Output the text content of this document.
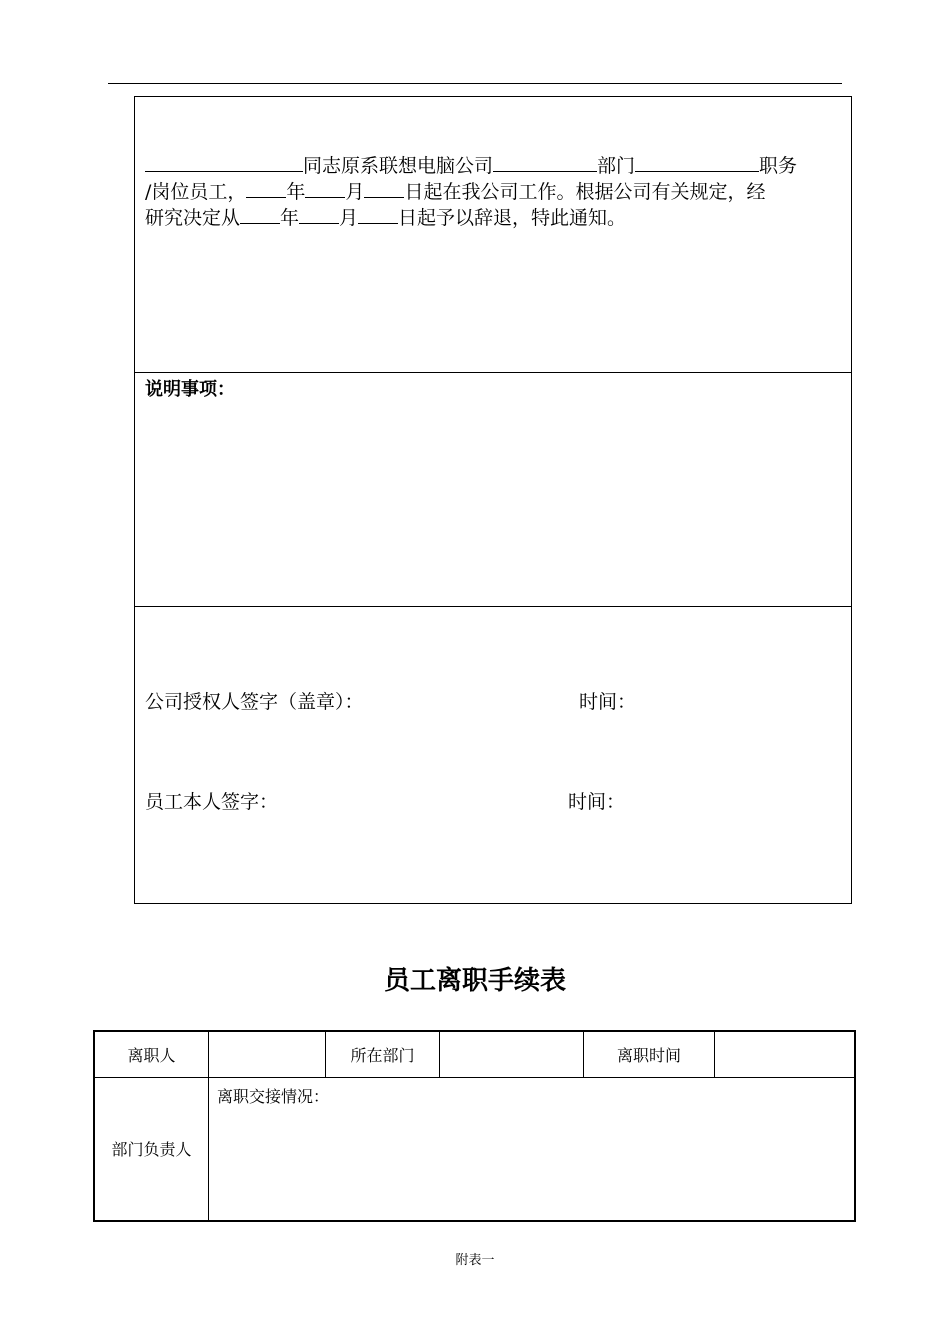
同志原系联想电脑公司	部门	职务
/岗位员工， 年 月 日起在我公司工作。根据公司有关规定，经
研究决定从 年 月 日起予以辞退，特此通知。
说明事项：
公司授权人签字（盖章）：	时间：
员工本人签字：	时间：
员工离职手续表
离职人		所在部门		离职时间	
部门负责人	离职交接情况：				
附表一
